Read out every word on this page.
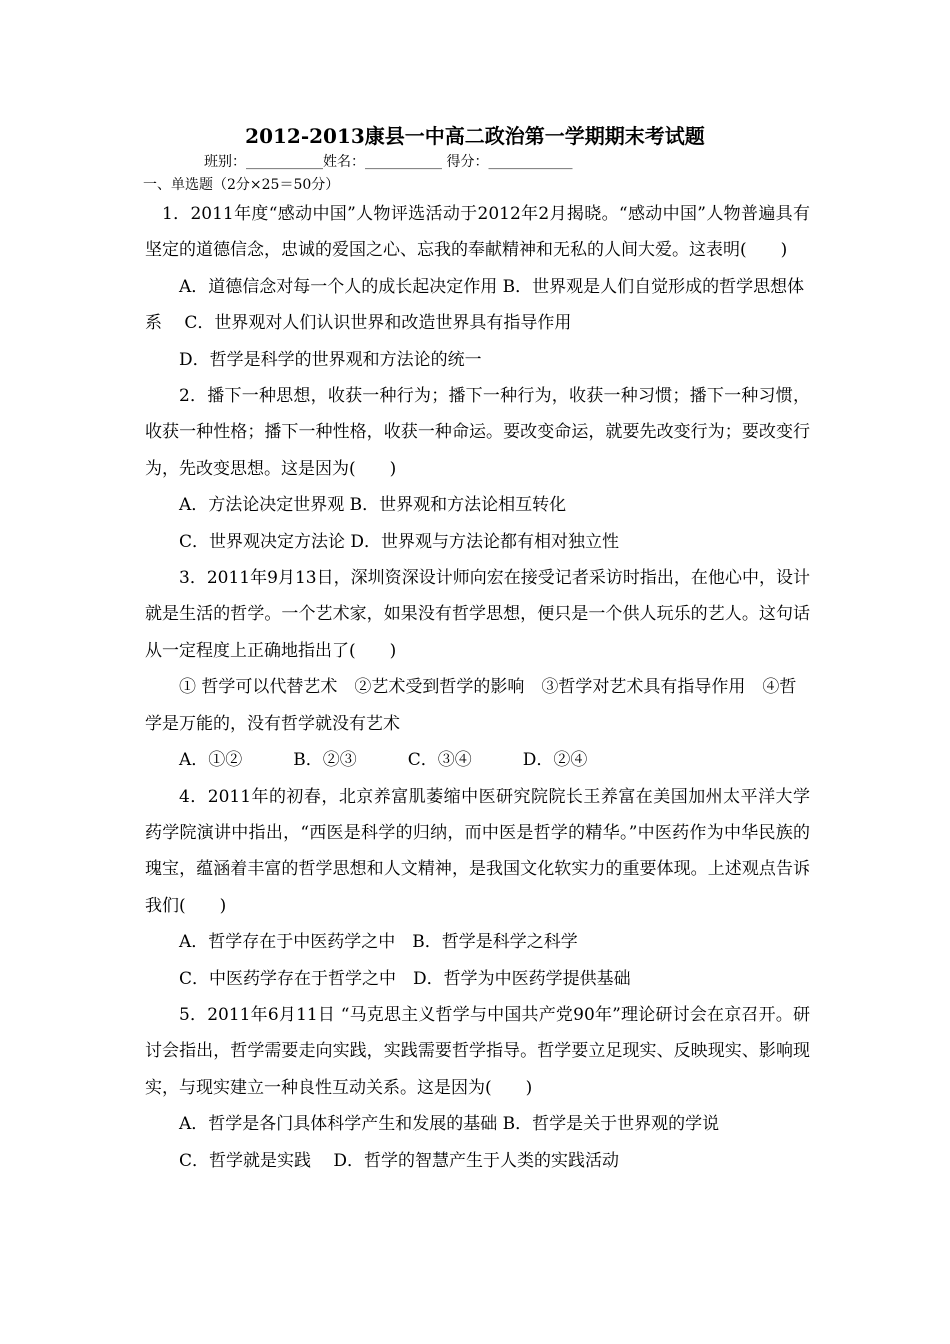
2012-2013康县一中高二政治第一学期期末考试题
班别：___________姓名：___________ 得分：____________
一、单选题（2分×25＝50分）

1．2011年度“感动中国”人物评选活动于2012年2月揭晓。“感动中国”人物普遍具有坚定的道德信念，忠诚的爱国之心、忘我的奉献精神和无私的人间大爱。这表明(　　)

A．道德信念对每一个人的成长起决定作用 B．世界观是人们自觉形成的哲学思想体系　 C．世界观对人们认识世界和改造世界具有指导作用

D．哲学是科学的世界观和方法论的统一

2．播下一种思想，收获一种行为；播下一种行为，收获一种习惯；播下一种习惯，收获一种性格；播下一种性格，收获一种命运。要改变命运，就要先改变行为；要改变行为，先改变思想。这是因为(　　)

A．方法论决定世界观 B．世界观和方法论相互转化

C．世界观决定方法论 D．世界观与方法论都有相对独立性

3．2011年9月13日，深圳资深设计师向宏在接受记者采访时指出，在他心中，设计就是生活的哲学。一个艺术家，如果没有哲学思想，便只是一个供人玩乐的艺人。这句话从一定程度上正确地指出了(　　)

① 哲学可以代替艺术　②艺术受到哲学的影响　③哲学对艺术具有指导作用　④哲学是万能的，没有哲学就没有艺术

A．①②　　　B．②③　　　C．③④　　　D．②④

4．2011年的初春，北京养富肌萎缩中医研究院院长王养富在美国加州太平洋大学药学院演讲中指出，“西医是科学的归纳，而中医是哲学的精华。”中医药作为中华民族的瑰宝，蕴涵着丰富的哲学思想和人文精神，是我国文化软实力的重要体现。上述观点告诉我们(　　)

A．哲学存在于中医药学之中　B．哲学是科学之科学

C．中医药学存在于哲学之中　D．哲学为中医药学提供基础

5．2011年6月11日 “马克思主义哲学与中国共产党90年”理论研讨会在京召开。研讨会指出，哲学需要走向实践，实践需要哲学指导。哲学要立足现实、反映现实、影响现实，与现实建立一种良性互动关系。这是因为(　　)

A．哲学是各门具体科学产生和发展的基础 B．哲学是关于世界观的学说

C．哲学就是实践　 D．哲学的智慧产生于人类的实践活动
